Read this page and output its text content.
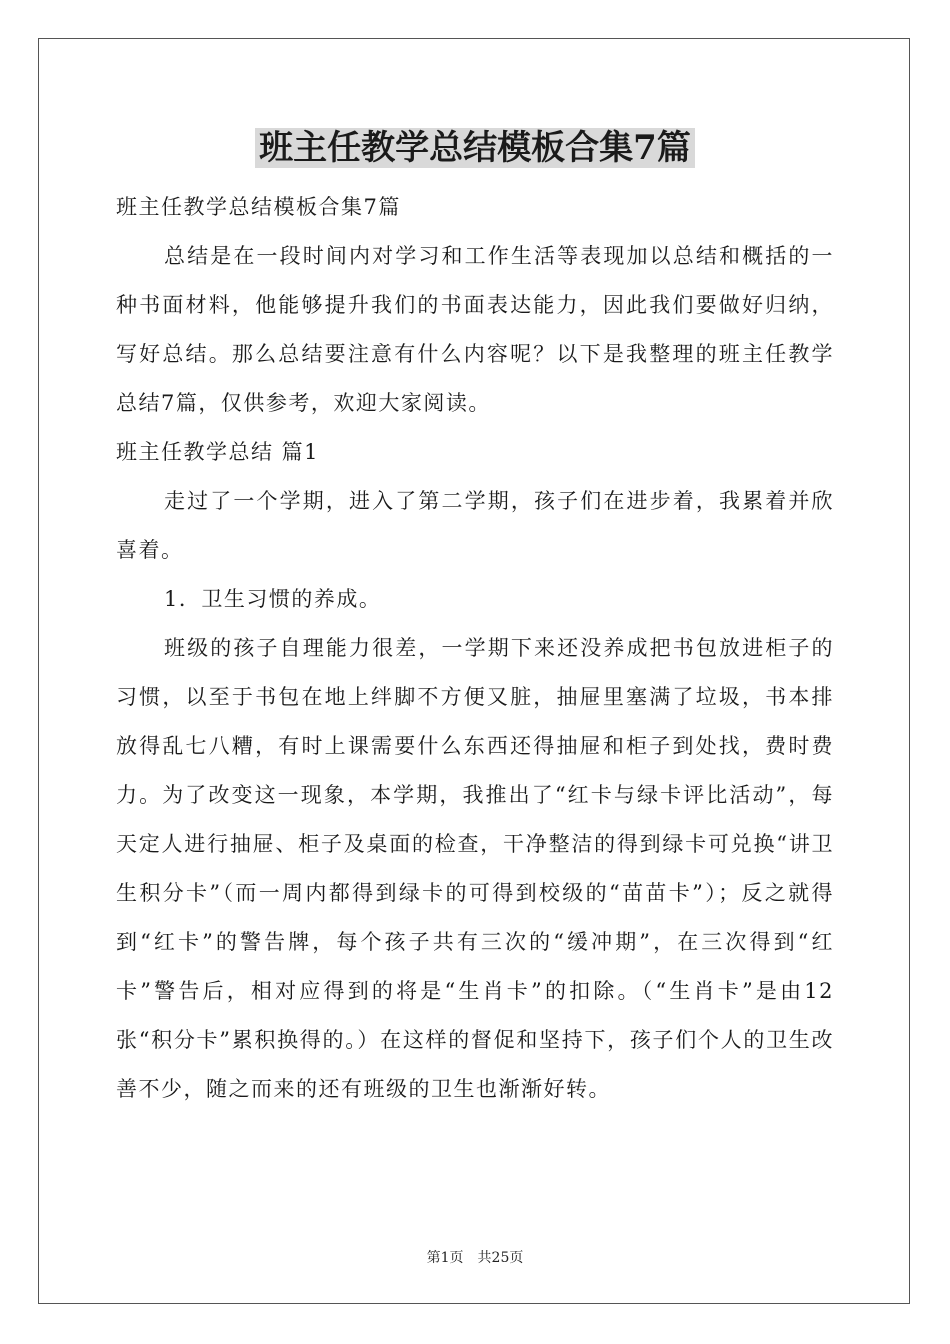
班主任教学总结模板合集7篇

班主任教学总结模板合集7篇

总结是在一段时间内对学习和工作生活等表现加以总结和概括的一种书面材料，他能够提升我们的书面表达能力，因此我们要做好归纳，写好总结。那么总结要注意有什么内容呢？以下是我整理的班主任教学总结7篇，仅供参考，欢迎大家阅读。

班主任教学总结 篇1

走过了一个学期，进入了第二学期，孩子们在进步着，我累着并欣喜着。

1．卫生习惯的养成。

班级的孩子自理能力很差，一学期下来还没养成把书包放进柜子的习惯，以至于书包在地上绊脚不方便又脏，抽屉里塞满了垃圾，书本排放得乱七八糟，有时上课需要什么东西还得抽屉和柜子到处找，费时费力。为了改变这一现象，本学期，我推出了“红卡与绿卡评比活动”，每天定人进行抽屉、柜子及桌面的检查，干净整洁的得到绿卡可兑换“讲卫生积分卡”（而一周内都得到绿卡的可得到校级的“苗苗卡”）；反之就得到“红卡”的警告牌，每个孩子共有三次的“缓冲期”，在三次得到“红卡”警告后，相对应得到的将是“生肖卡”的扣除。（“生肖卡”是由12张“积分卡”累积换得的。）在这样的督促和坚持下，孩子们个人的卫生改善不少，随之而来的还有班级的卫生也渐渐好转。

第1页　共25页
